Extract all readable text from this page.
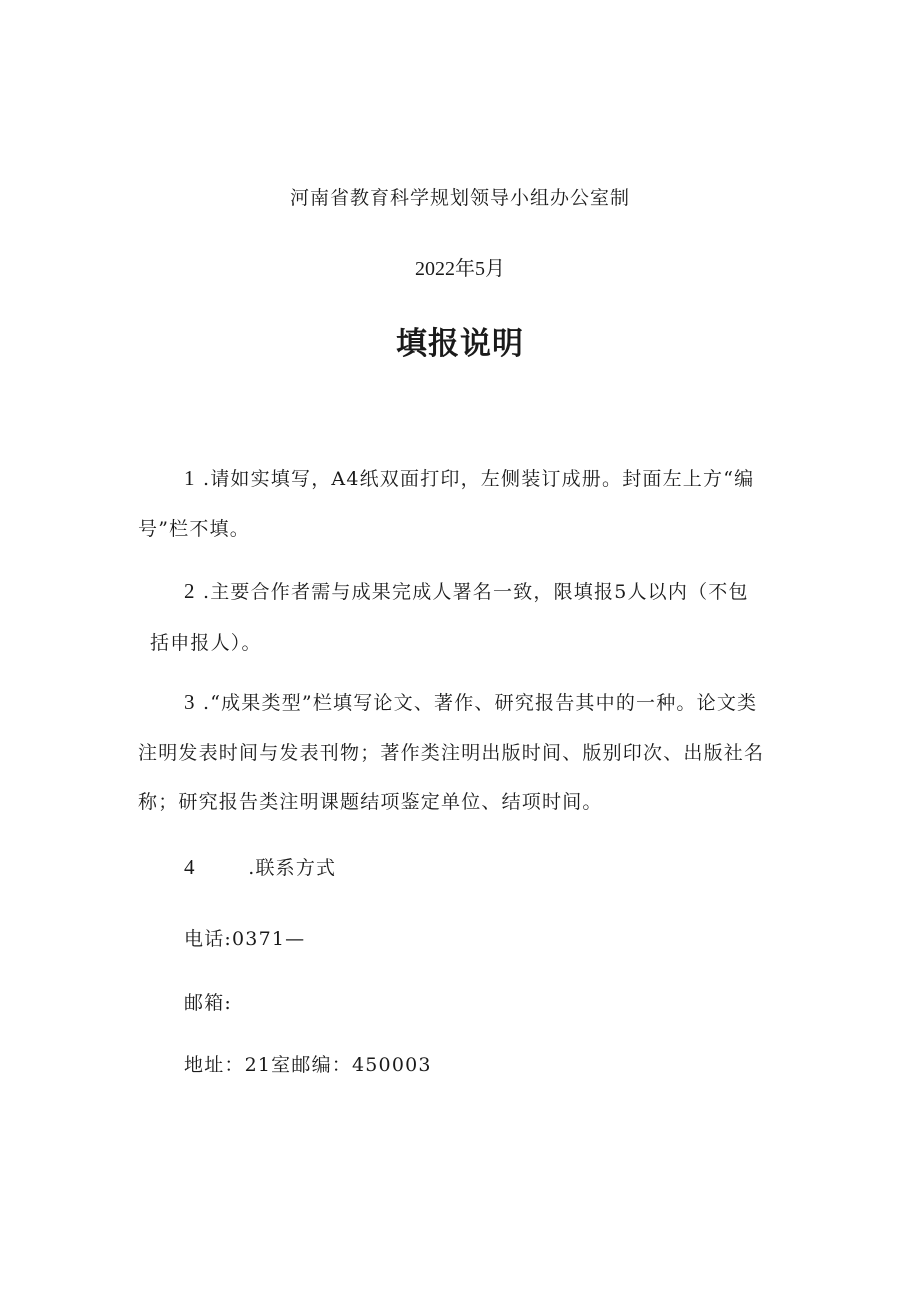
河南省教育科学规划领导小组办公室制
2022年5月
填报说明
1 .请如实填写，A4纸双面打印，左侧装订成册。封面左上方“编
号”栏不填。
2 .主要合作者需与成果完成人署名一致，限填报5人以内（不包
括申报人）。
3 .“成果类型”栏填写论文、著作、研究报告其中的一种。论文类
注明发表时间与发表刊物；著作类注明出版时间、版别印次、出版社名
称；研究报告类注明课题结项鉴定单位、结项时间。
4	.联系方式
电话:0371—
邮箱:
地址：21室邮编：450003
